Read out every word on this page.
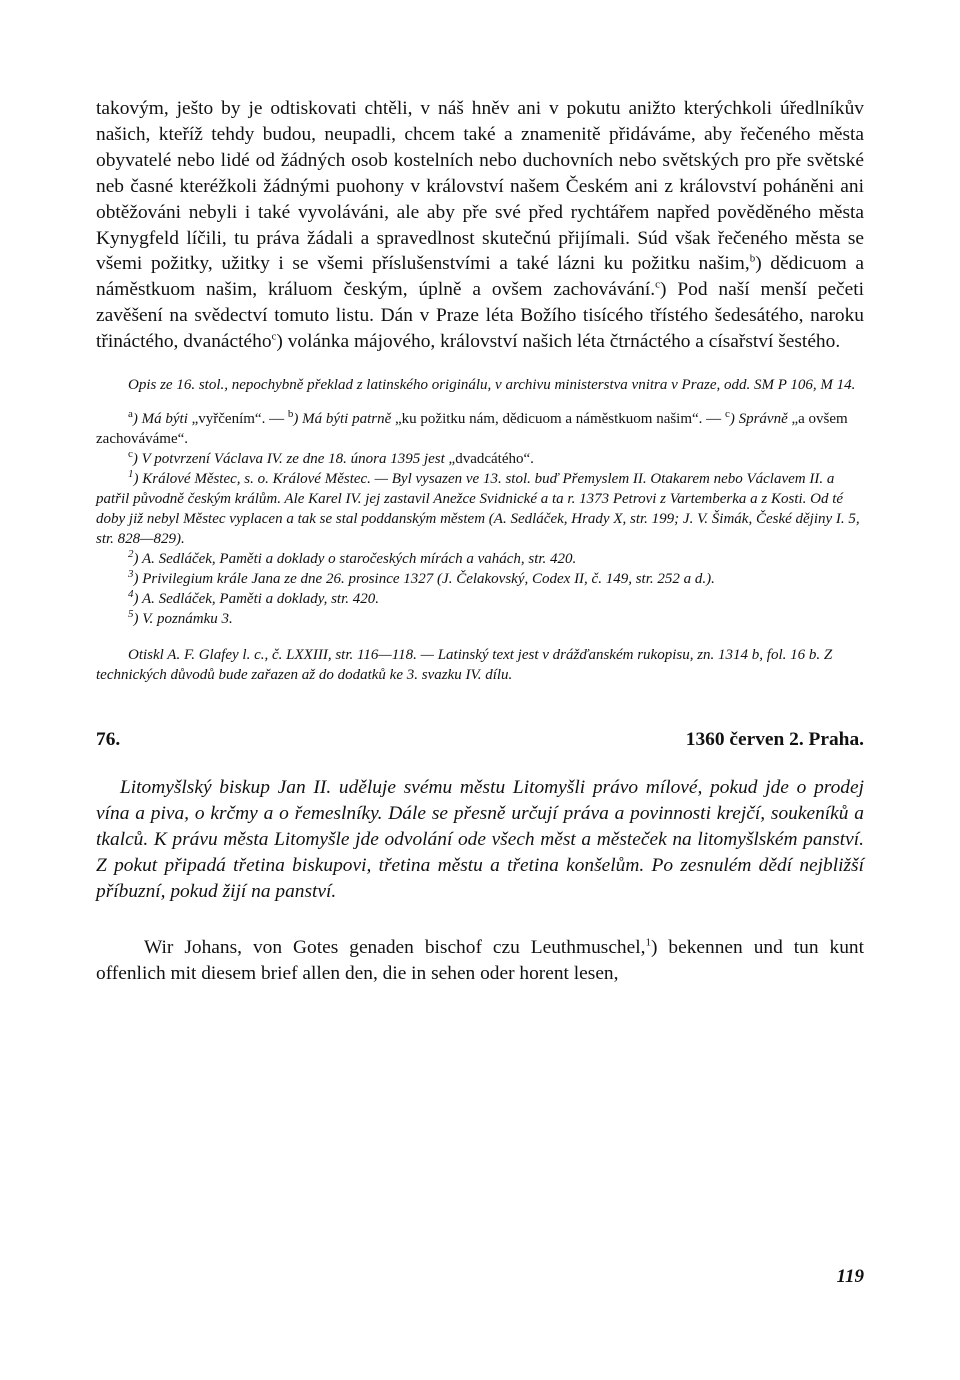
takovým, ješto by je odtiskovati chtěli, v náš hněv ani v pokutu anižto kterýchkoli úředlníkův našich, kteříž tehdy budou, neupadli, chcem také a znamenitě přidáváme, aby řečeného města obyvatelé nebo lidé od žádných osob kostelních nebo duchovních nebo světských pro pře světské neb časné kteréžkoli žádnými puohony v království našem Českém ani z království poháněni ani obtěžováni nebyli i také vyvoláváni, ale aby pře své před rychtářem napřed pověděného města Kynygfeld líčili, tu práva žádali a spravedlnost skutečnú přijímali. Súd však řečeného města se všemi požitky, užitky i se všemi příslušenstvími a také lázni ku požitku našim,$^b$) dědicuom a náměstkuom našim, králuom českým, úplně a ovšem zachovávání.$^c$) Pod naší menší pečeti zavěšení na svědectví tomuto listu. Dán v Praze léta Božího tisícého třístého šedesátého, naroku třináctého, dvanáctého$^c$) volánka májového, království našich léta čtrnáctého a císařství šestého.

Opis ze 16. stol., nepochybně překlad z latinského originálu, v archivu ministerstva vnitra v Praze, odd. SM P 106, M 14.

$^a$) Má býti „vyřčením“. — $^b$) Má býti patrně „ku požitku nám, dědicuom a náměstkuom našim“. — $^c$) Správně „a ovšem zachováváme“.

$^c$) V potvrzení Václava IV. ze dne 18. února 1395 jest „dvadcátého“.

$^1$) Králové Městec, s. o. Králové Městec. — Byl vysazen ve 13. stol. buď Přemyslem II. Otakarem nebo Václavem II. a patřil původně českým králům. Ale Karel IV. jej zastavil Anežce Svidnické a ta r. 1373 Petrovi z Vartemberka a z Kosti. Od té doby již nebyl Městec vyplacen a tak se stal poddanským městem (A. Sedláček, Hrady X, str. 199; J. V. Šimák, České dějiny I. 5, str. 828—829).

$^2$) A. Sedláček, Paměti a doklady o staročeských mírách a vahách, str. 420.

$^3$) Privilegium krále Jana ze dne 26. prosince 1327 (J. Čelakovský, Codex II, č. 149, str. 252 a d.).

$^4$) A. Sedláček, Paměti a doklady, str. 420.

$^5$) V. poznámku 3.

Otiskl A. F. Glafey l. c., č. LXXIII, str. 116—118. — Latinský text jest v drážďanském rukopisu, zn. 1314 b, fol. 16 b. Z technických důvodů bude zařazen až do dodatků ke 3. svazku IV. dílu.
76.	1360 červen 2. Praha.
Litomyšlský biskup Jan II. uděluje svému městu Litomyšli právo mílové, pokud jde o prodej vína a piva, o krčmy a o řemeslníky. Dále se přesně určují práva a povinnosti krejčí, soukeníků a tkalců. K právu města Litomyšle jde odvolání ode všech měst a městeček na litomyšlském panství. Z pokut připadá třetina biskupovi, třetina městu a třetina konšelům. Po zesnulém dědí nejbližší příbuzní, pokud žijí na panství.
Wir Johans, von Gotes genaden bischof czu Leuthmuschel,$^1$) bekennen und tun kunt offenlich mit diesem brief allen den, die in sehen oder horent lesen,
119
